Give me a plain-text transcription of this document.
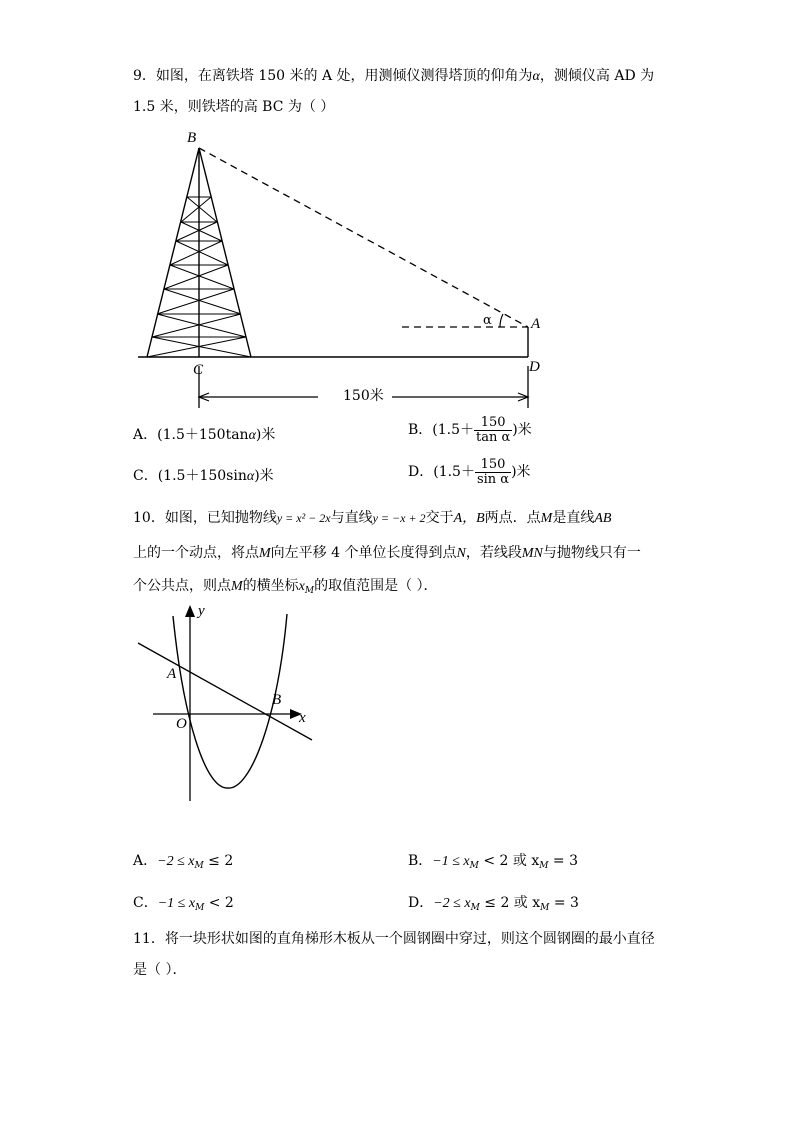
9．如图，在离铁塔 150 米的 A 处，用测倾仪测得塔顶的仰角为α，测倾仪高 AD 为
1.5 米，则铁塔的高 BC 为（ ）
B
A
C	D
α
150米
A．(1.5＋150tanα)米	B．($1.5+ \frac{150}{\text{tan α}}$ )米
C．(1.5＋150sinα)米	D．($1.5+ \frac{150}{\text{sin α}}$ )米
10．如图，已知抛物线y = x² − 2x与直线y = −x + 2交于A，B两点．点M是直线AB
上的一个动点，将点M向左平移 4 个单位长度得到点N，若线段MN与抛物线只有一
个公共点，则点M的横坐标$x_M$的取值范围是（ ）．
y
x
O
A
B
A．$-2 \le x_M \le 2$	B．$-1 \le x_M < 2$ 或 $x_M = 3$
C．$-1 \le x_M < 2$	D．$-2 \le x_M \le 2$ 或 $x_M = 3$
11．将一块形状如图的直角梯形木板从一个圆钢圈中穿过，则这个圆钢圈的最小直径
是（ ）．
